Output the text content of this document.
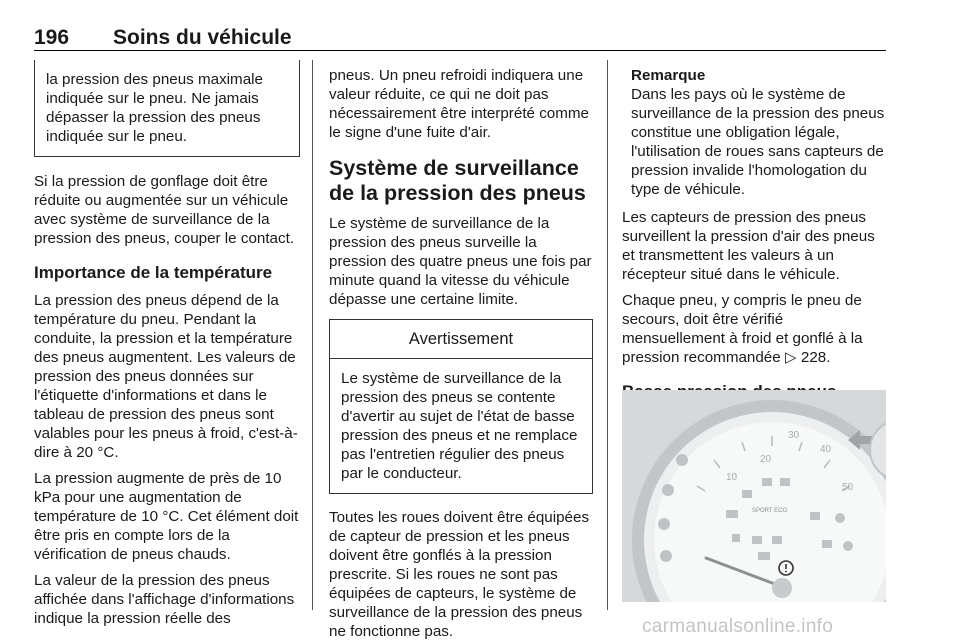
196 Soins du véhicule

la pression des pneus maximale indiquée sur le pneu. Ne jamais dépasser la pression des pneus indiquée sur le pneu.

Si la pression de gonflage doit être réduite ou augmentée sur un véhicule avec système de surveillance de la pression des pneus, couper le contact.

Importance de la température

La pression des pneus dépend de la température du pneu. Pendant la conduite, la pression et la température des pneus augmentent. Les valeurs de pression des pneus données sur l'étiquette d'informations et dans le tableau de pression des pneus sont valables pour les pneus à froid, c'est-à-dire à 20 °C.

La pression augmente de près de 10 kPa pour une augmentation de température de 10 °C. Cet élément doit être pris en compte lors de la vérification de pneus chauds.

La valeur de la pression des pneus affichée dans l'affichage d'informations indique la pression réelle des

pneus. Un pneu refroidi indiquera une valeur réduite, ce qui ne doit pas nécessairement être interprété comme le signe d'une fuite d'air.

Système de surveillance de la pression des pneus

Le système de surveillance de la pression des pneus surveille la pression des quatre pneus une fois par minute quand la vitesse du véhicule dépasse une certaine limite.

Avertissement

Le système de surveillance de la pression des pneus se contente d'avertir au sujet de l'état de basse pression des pneus et ne remplace pas l'entretien régulier des pneus par le conducteur.

Toutes les roues doivent être équipées de capteur de pression et les pneus doivent être gonflés à la pression prescrite. Si les roues ne sont pas équipées de capteurs, le système de surveillance de la pression des pneus ne fonctionne pas.

Remarque
Dans les pays où le système de surveillance de la pression des pneus constitue une obligation légale, l'utilisation de roues sans capteurs de pression invalide l'homologation du type de véhicule.

Les capteurs de pression des pneus surveillent la pression d'air des pneus et transmettent les valeurs à un récepteur situé dans le véhicule.

Chaque pneu, y compris le pneu de secours, doit être vérifié mensuellement à froid et gonflé à la pression recommandée ▷ 228.

20
30
40
10
50
SPORT ECO
carmanualsonline.info
